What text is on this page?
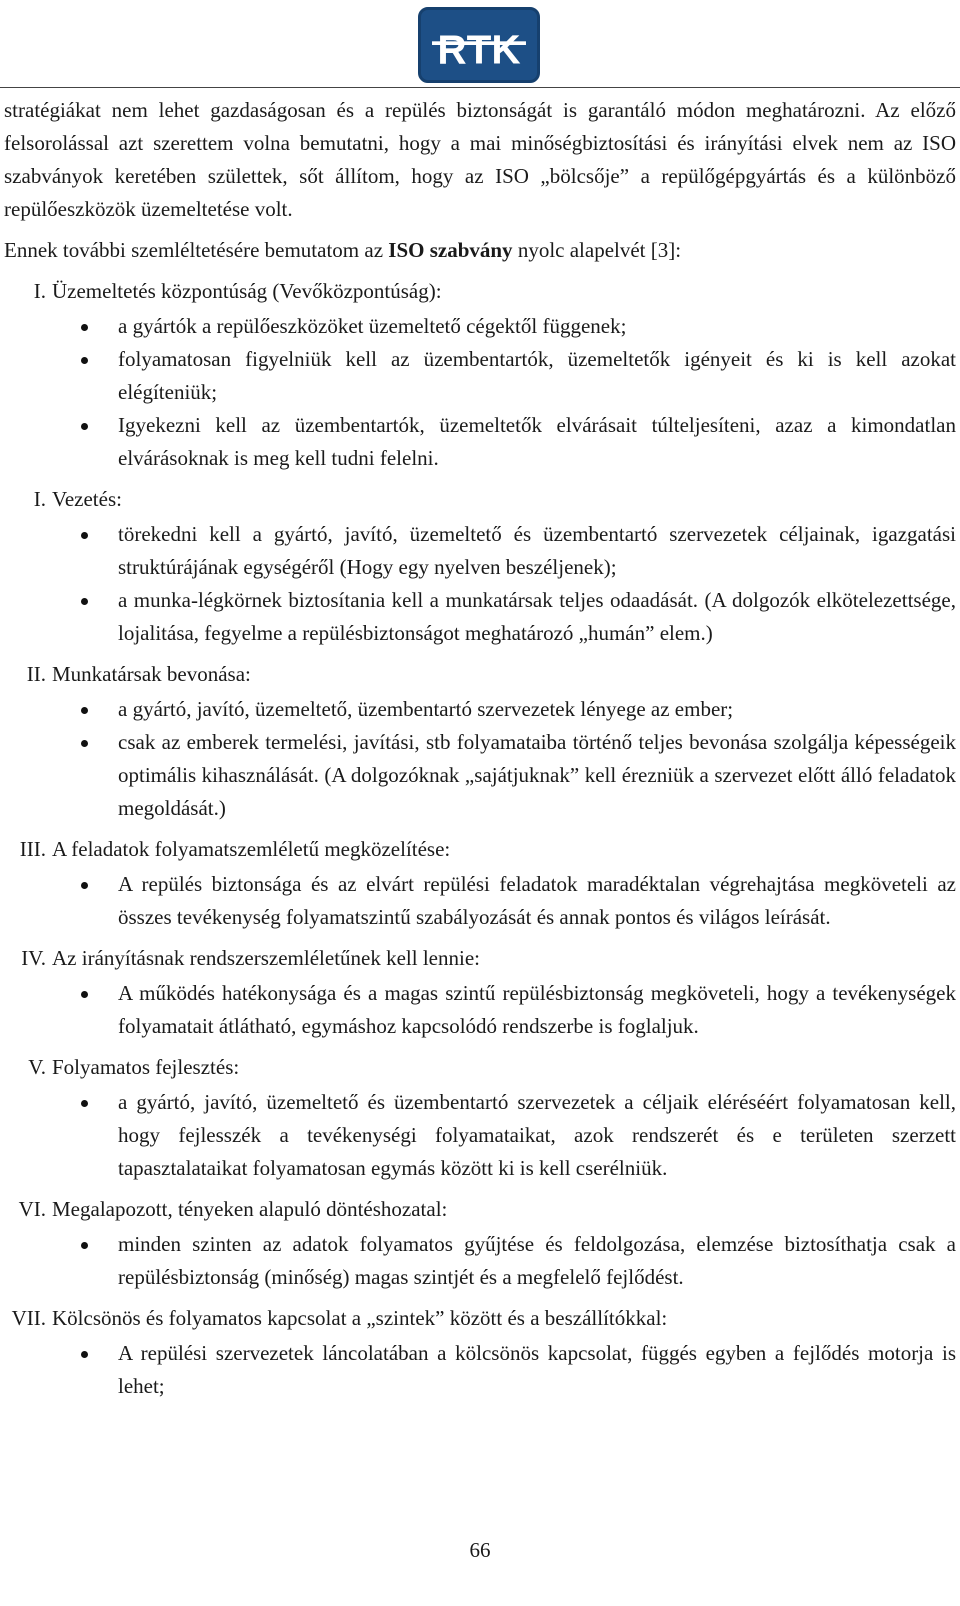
RTK

stratégiákat nem lehet gazdaságosan és a repülés biztonságát is garantáló módon meghatározni. Az előző felsorolással azt szerettem volna bemutatni, hogy a mai minőségbiztosítási és irányítási elvek nem az ISO szabványok keretében születtek, sőt állítom, hogy az ISO „bölcsője” a repülőgépgyártás és a különböző repülőeszközök üzemeltetése volt.

Ennek további szemléltetésére bemutatom az ISO szabvány nyolc alapelvét [3]:

I. Üzemeltetés központúság (Vevőközpontúság):
a gyártók a repülőeszközöket üzemeltető cégektől függenek;
folyamatosan figyelniük kell az üzembentartók, üzemeltetők igényeit és ki is kell azokat elégíteniük;
Igyekezni kell az üzembentartók, üzemeltetők elvárásait túlteljesíteni, azaz a kimondatlan elvárásoknak is meg kell tudni felelni.
I. Vezetés:
törekedni kell a gyártó, javító, üzemeltető és üzembentartó szervezetek céljainak, igazgatási struktúrájának egységéről (Hogy egy nyelven beszéljenek);
a munka-légkörnek biztosítania kell a munkatársak teljes odaadását. (A dolgozók elkötelezettsége, lojalitása, fegyelme a repülésbiztonságot meghatározó „humán” elem.)
II. Munkatársak bevonása:
a gyártó, javító, üzemeltető, üzembentartó szervezetek lényege az ember;
csak az emberek termelési, javítási, stb folyamataiba történő teljes bevonása szolgálja képességeik optimális kihasználását. (A dolgozóknak „sajátjuknak” kell érezniük a szervezet előtt álló feladatok megoldását.)
III. A feladatok folyamatszemléletű megközelítése:
A repülés biztonsága és az elvárt repülési feladatok maradéktalan végrehajtása megköveteli az összes tevékenység folyamatszintű szabályozását és annak pontos és világos leírását.
IV. Az irányításnak rendszerszemléletűnek kell lennie:
A működés hatékonysága és a magas szintű repülésbiztonság megköveteli, hogy a tevékenységek folyamatait átlátható, egymáshoz kapcsolódó rendszerbe is foglaljuk.
V. Folyamatos fejlesztés:
a gyártó, javító, üzemeltető és üzembentartó szervezetek a céljaik eléréséért folyamatosan kell, hogy fejlesszék a tevékenységi folyamataikat, azok rendszerét és e területen szerzett tapasztalataikat folyamatosan egymás között ki is kell cserélniük.
VI. Megalapozott, tényeken alapuló döntéshozatal:
minden szinten az adatok folyamatos gyűjtése és feldolgozása, elemzése biztosíthatja csak a repülésbiztonság (minőség) magas szintjét és a megfelelő fejlődést.
VII. Kölcsönös és folyamatos kapcsolat a „szintek” között és a beszállítókkal:
A repülési szervezetek láncolatában a kölcsönös kapcsolat, függés egyben a fejlődés motorja is lehet;
66
